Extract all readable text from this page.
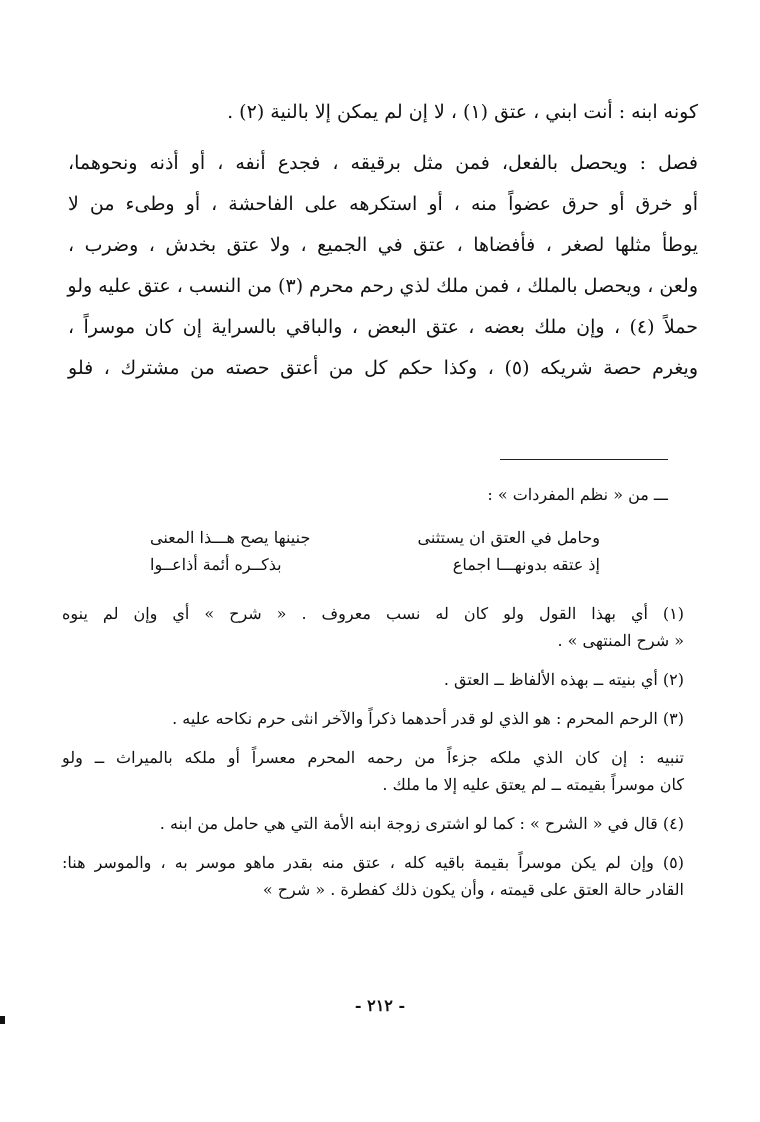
كونه ابنه : أنت ابني ، عتق (١) ، لا إن لم يمكن إلا بالنية (٢) .
فصل : ويحصل بالفعل، فمن مثل برقيقه ، فجدع أنفه ، أو أذنه ونحوهما،
أو خرق أو حرق عضواً منه ، أو استكرهه على الفاحشة ، أو وطىء من لا
يوطأ مثلها لصغر ، فأفضاها ، عتق في الجميع ، ولا عتق بخدش ، وضرب ،
ولعن ، ويحصل بالملك ، فمن ملك لذي رحم محرم (٣) من النسب ، عتق عليه ولو
حملاً (٤) ، وإن ملك بعضه ، عتق البعض ، والباقي بالسراية إن كان موسراً ،
ويغرم حصة شريكه (٥) ، وكذا حكم كل من أعتق حصته من مشترك ، فلو
ـــ من « نظم المفردات » :
وحامل في العتق ان يستثنى
جنينها يصح هـــذا المعنى
إذ عتقه بدونهـــا اجماع
بذكــره أئمة أذاعــوا
(١) أي بهذا القول ولو كان له نسب معروف . « شرح » أي وإن لم ينوه
« شرح المنتهى » .
(٢) أي بنيته ــ بهذه الألفاظ ــ العتق .
(٣) الرحم المحرم : هو الذي لو قدر أحدهما ذكراً والآخر انثى حرم نكاحه عليه .
تنبيه : إن كان الذي ملكه جزءاً من رحمه المحرم معسراً أو ملكه بالميراث ــ ولو
كان موسراً بقيمته ــ لم يعتق عليه إلا ما ملك .
(٤) قال في « الشرح » : كما لو اشترى زوجة ابنه الأمة التي هي حامل من ابنه .
(٥) وإن لم يكن موسراً بقيمة باقيه كله ، عتق منه بقدر ماهو موسر به ، والموسر هنا:
القادر حالة العتق على قيمته ، وأن يكون ذلك كفطرة . « شرح »
- ٢١٢ -
